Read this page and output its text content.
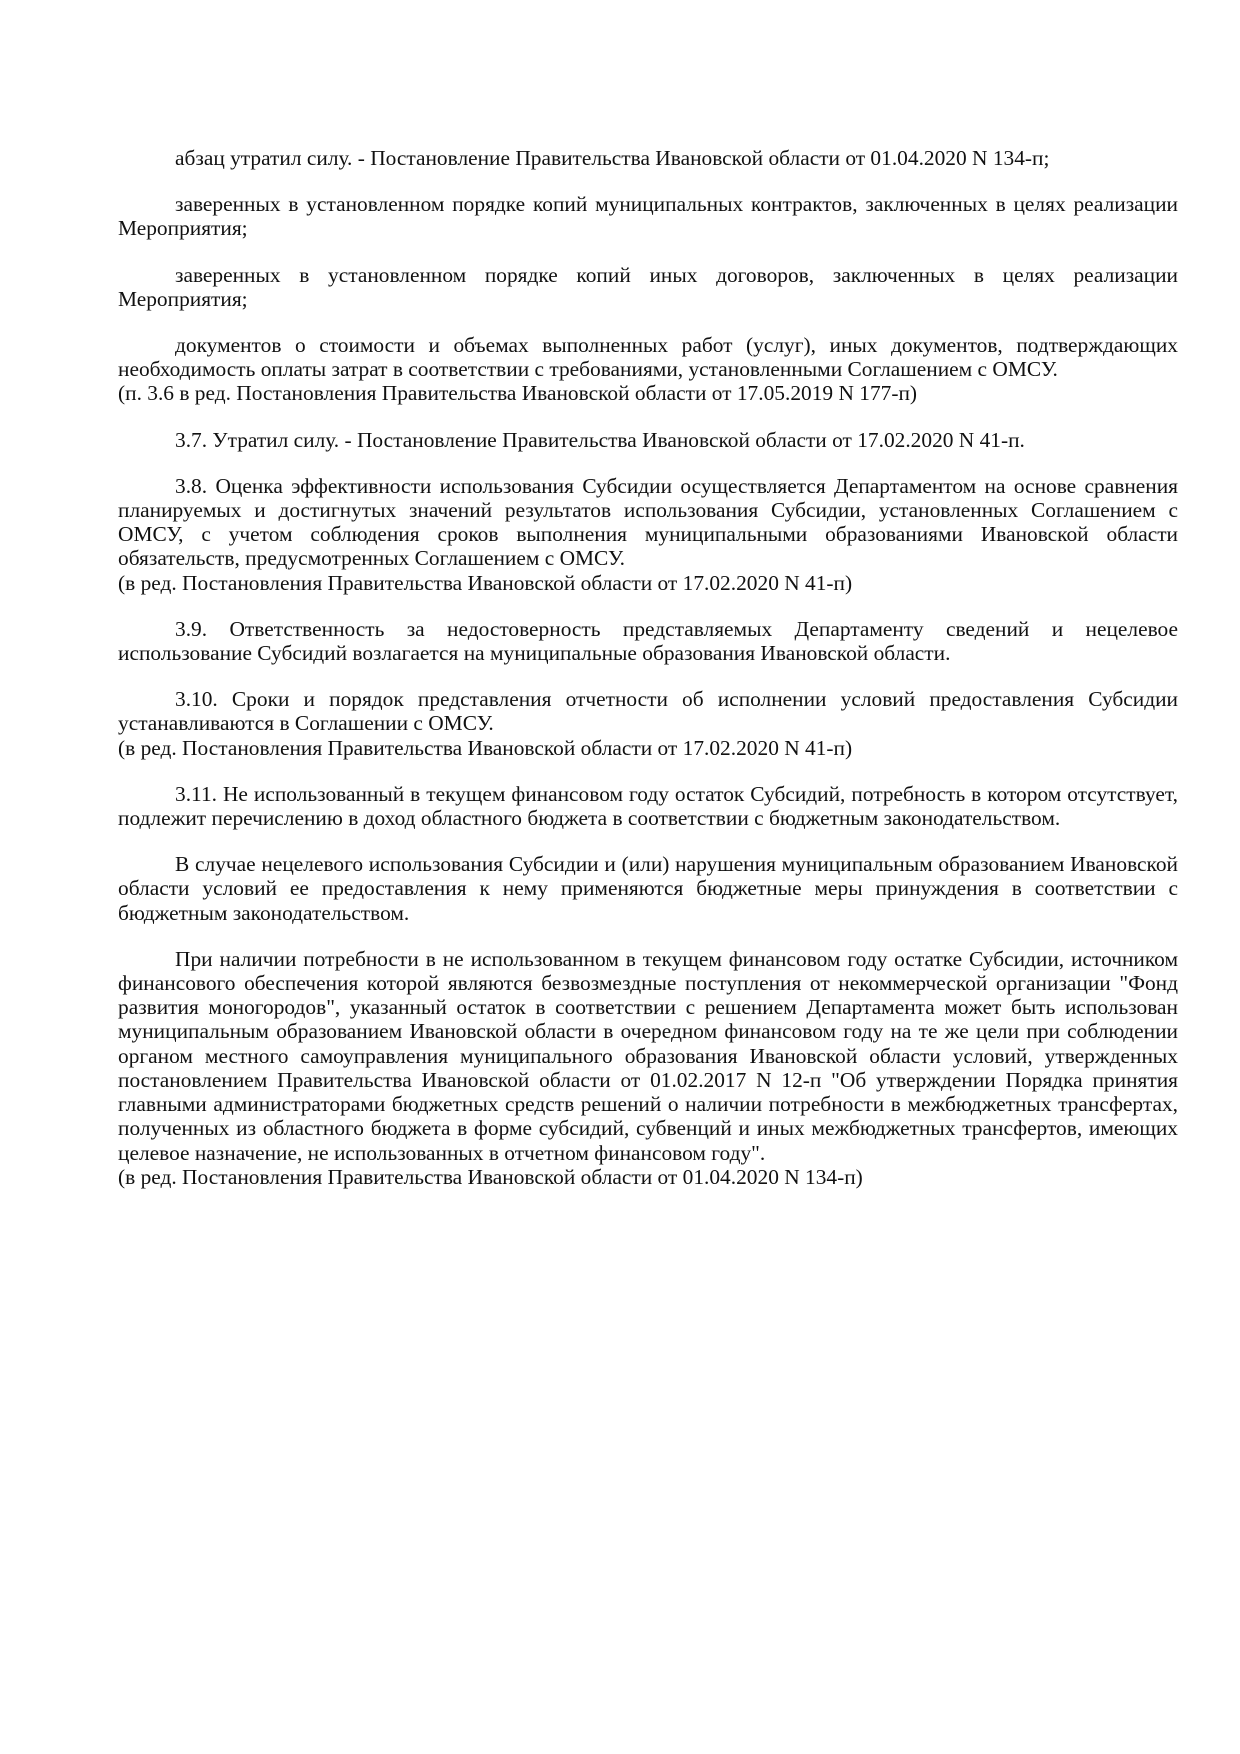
абзац утратил силу. - Постановление Правительства Ивановской области от 01.04.2020 N 134-п;

заверенных в установленном порядке копий муниципальных контрактов, заключенных в целях реализации Мероприятия;

заверенных в установленном порядке копий иных договоров, заключенных в целях реализации Мероприятия;

документов о стоимости и объемах выполненных работ (услуг), иных документов, подтверждающих необходимость оплаты затрат в соответствии с требованиями, установленными Соглашением с ОМСУ.

(п. 3.6 в ред. Постановления Правительства Ивановской области от 17.05.2019 N 177-п)

3.7. Утратил силу. - Постановление Правительства Ивановской области от 17.02.2020 N 41-п.

3.8. Оценка эффективности использования Субсидии осуществляется Департаментом на основе сравнения планируемых и достигнутых значений результатов использования Субсидии, установленных Соглашением с ОМСУ, с учетом соблюдения сроков выполнения муниципальными образованиями Ивановской области обязательств, предусмотренных Соглашением с ОМСУ.

(в ред. Постановления Правительства Ивановской области от 17.02.2020 N 41-п)

3.9. Ответственность за недостоверность представляемых Департаменту сведений и нецелевое использование Субсидий возлагается на муниципальные образования Ивановской области.

3.10. Сроки и порядок представления отчетности об исполнении условий предоставления Субсидии устанавливаются в Соглашении с ОМСУ.

(в ред. Постановления Правительства Ивановской области от 17.02.2020 N 41-п)

3.11. Не использованный в текущем финансовом году остаток Субсидий, потребность в котором отсутствует, подлежит перечислению в доход областного бюджета в соответствии с бюджетным законодательством.

В случае нецелевого использования Субсидии и (или) нарушения муниципальным образованием Ивановской области условий ее предоставления к нему применяются бюджетные меры принуждения в соответствии с бюджетным законодательством.

При наличии потребности в не использованном в текущем финансовом году остатке Субсидии, источником финансового обеспечения которой являются безвозмездные поступления от некоммерческой организации "Фонд развития моногородов", указанный остаток в соответствии с решением Департамента может быть использован муниципальным образованием Ивановской области в очередном финансовом году на те же цели при соблюдении органом местного самоуправления муниципального образования Ивановской области условий, утвержденных постановлением Правительства Ивановской области от 01.02.2017 N 12-п "Об утверждении Порядка принятия главными администраторами бюджетных средств решений о наличии потребности в межбюджетных трансфертах, полученных из областного бюджета в форме субсидий, субвенций и иных межбюджетных трансфертов, имеющих целевое назначение, не использованных в отчетном финансовом году".

(в ред. Постановления Правительства Ивановской области от 01.04.2020 N 134-п)
